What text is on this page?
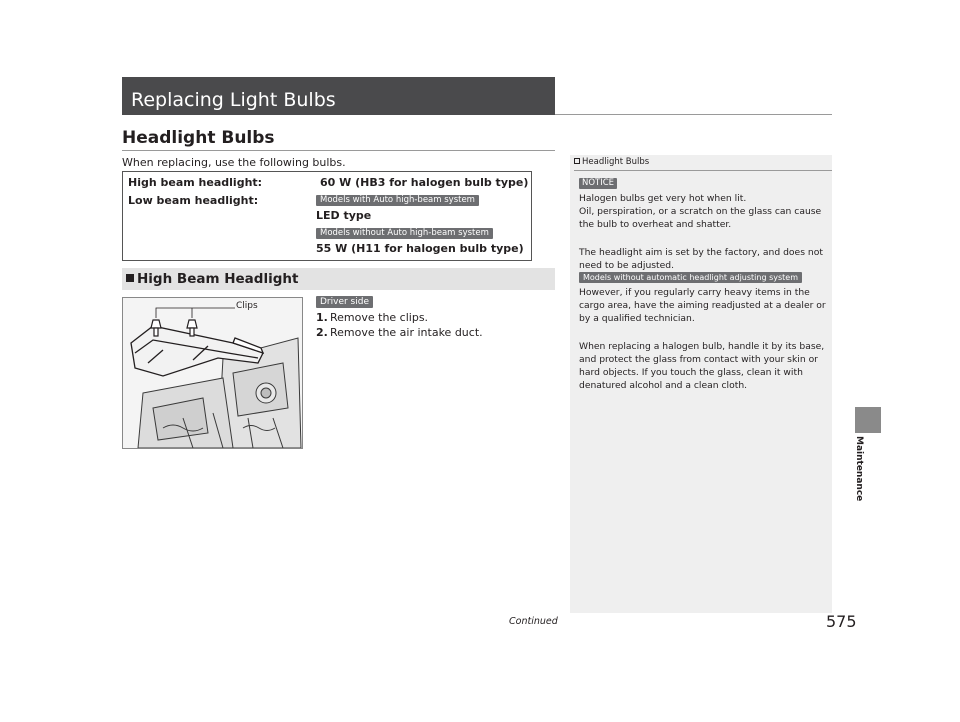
Replacing Light Bulbs
Headlight Bulbs
When replacing, use the following bulbs.
High beam headlight:	60 W (HB3 for halogen bulb type)
Low beam headlight:	Models with Auto high-beam system
LED type
Models without Auto high-beam system
55 W (H11 for halogen bulb type)
High Beam Headlight
Clips	Driver side
1. Remove the clips.
2. Remove the air intake duct.
Headlight Bulbs
NOTICE
Halogen bulbs get very hot when lit.
Oil, perspiration, or a scratch on the glass can cause the bulb to overheat and shatter.
The headlight aim is set by the factory, and does not need to be adjusted.
Models without automatic headlight adjusting system
However, if you regularly carry heavy items in the cargo area, have the aiming readjusted at a dealer or by a qualified technician.
When replacing a halogen bulb, handle it by its base, and protect the glass from contact with your skin or hard objects. If you touch the glass, clean it with denatured alcohol and a clean cloth.
Maintenance
Continued	575
